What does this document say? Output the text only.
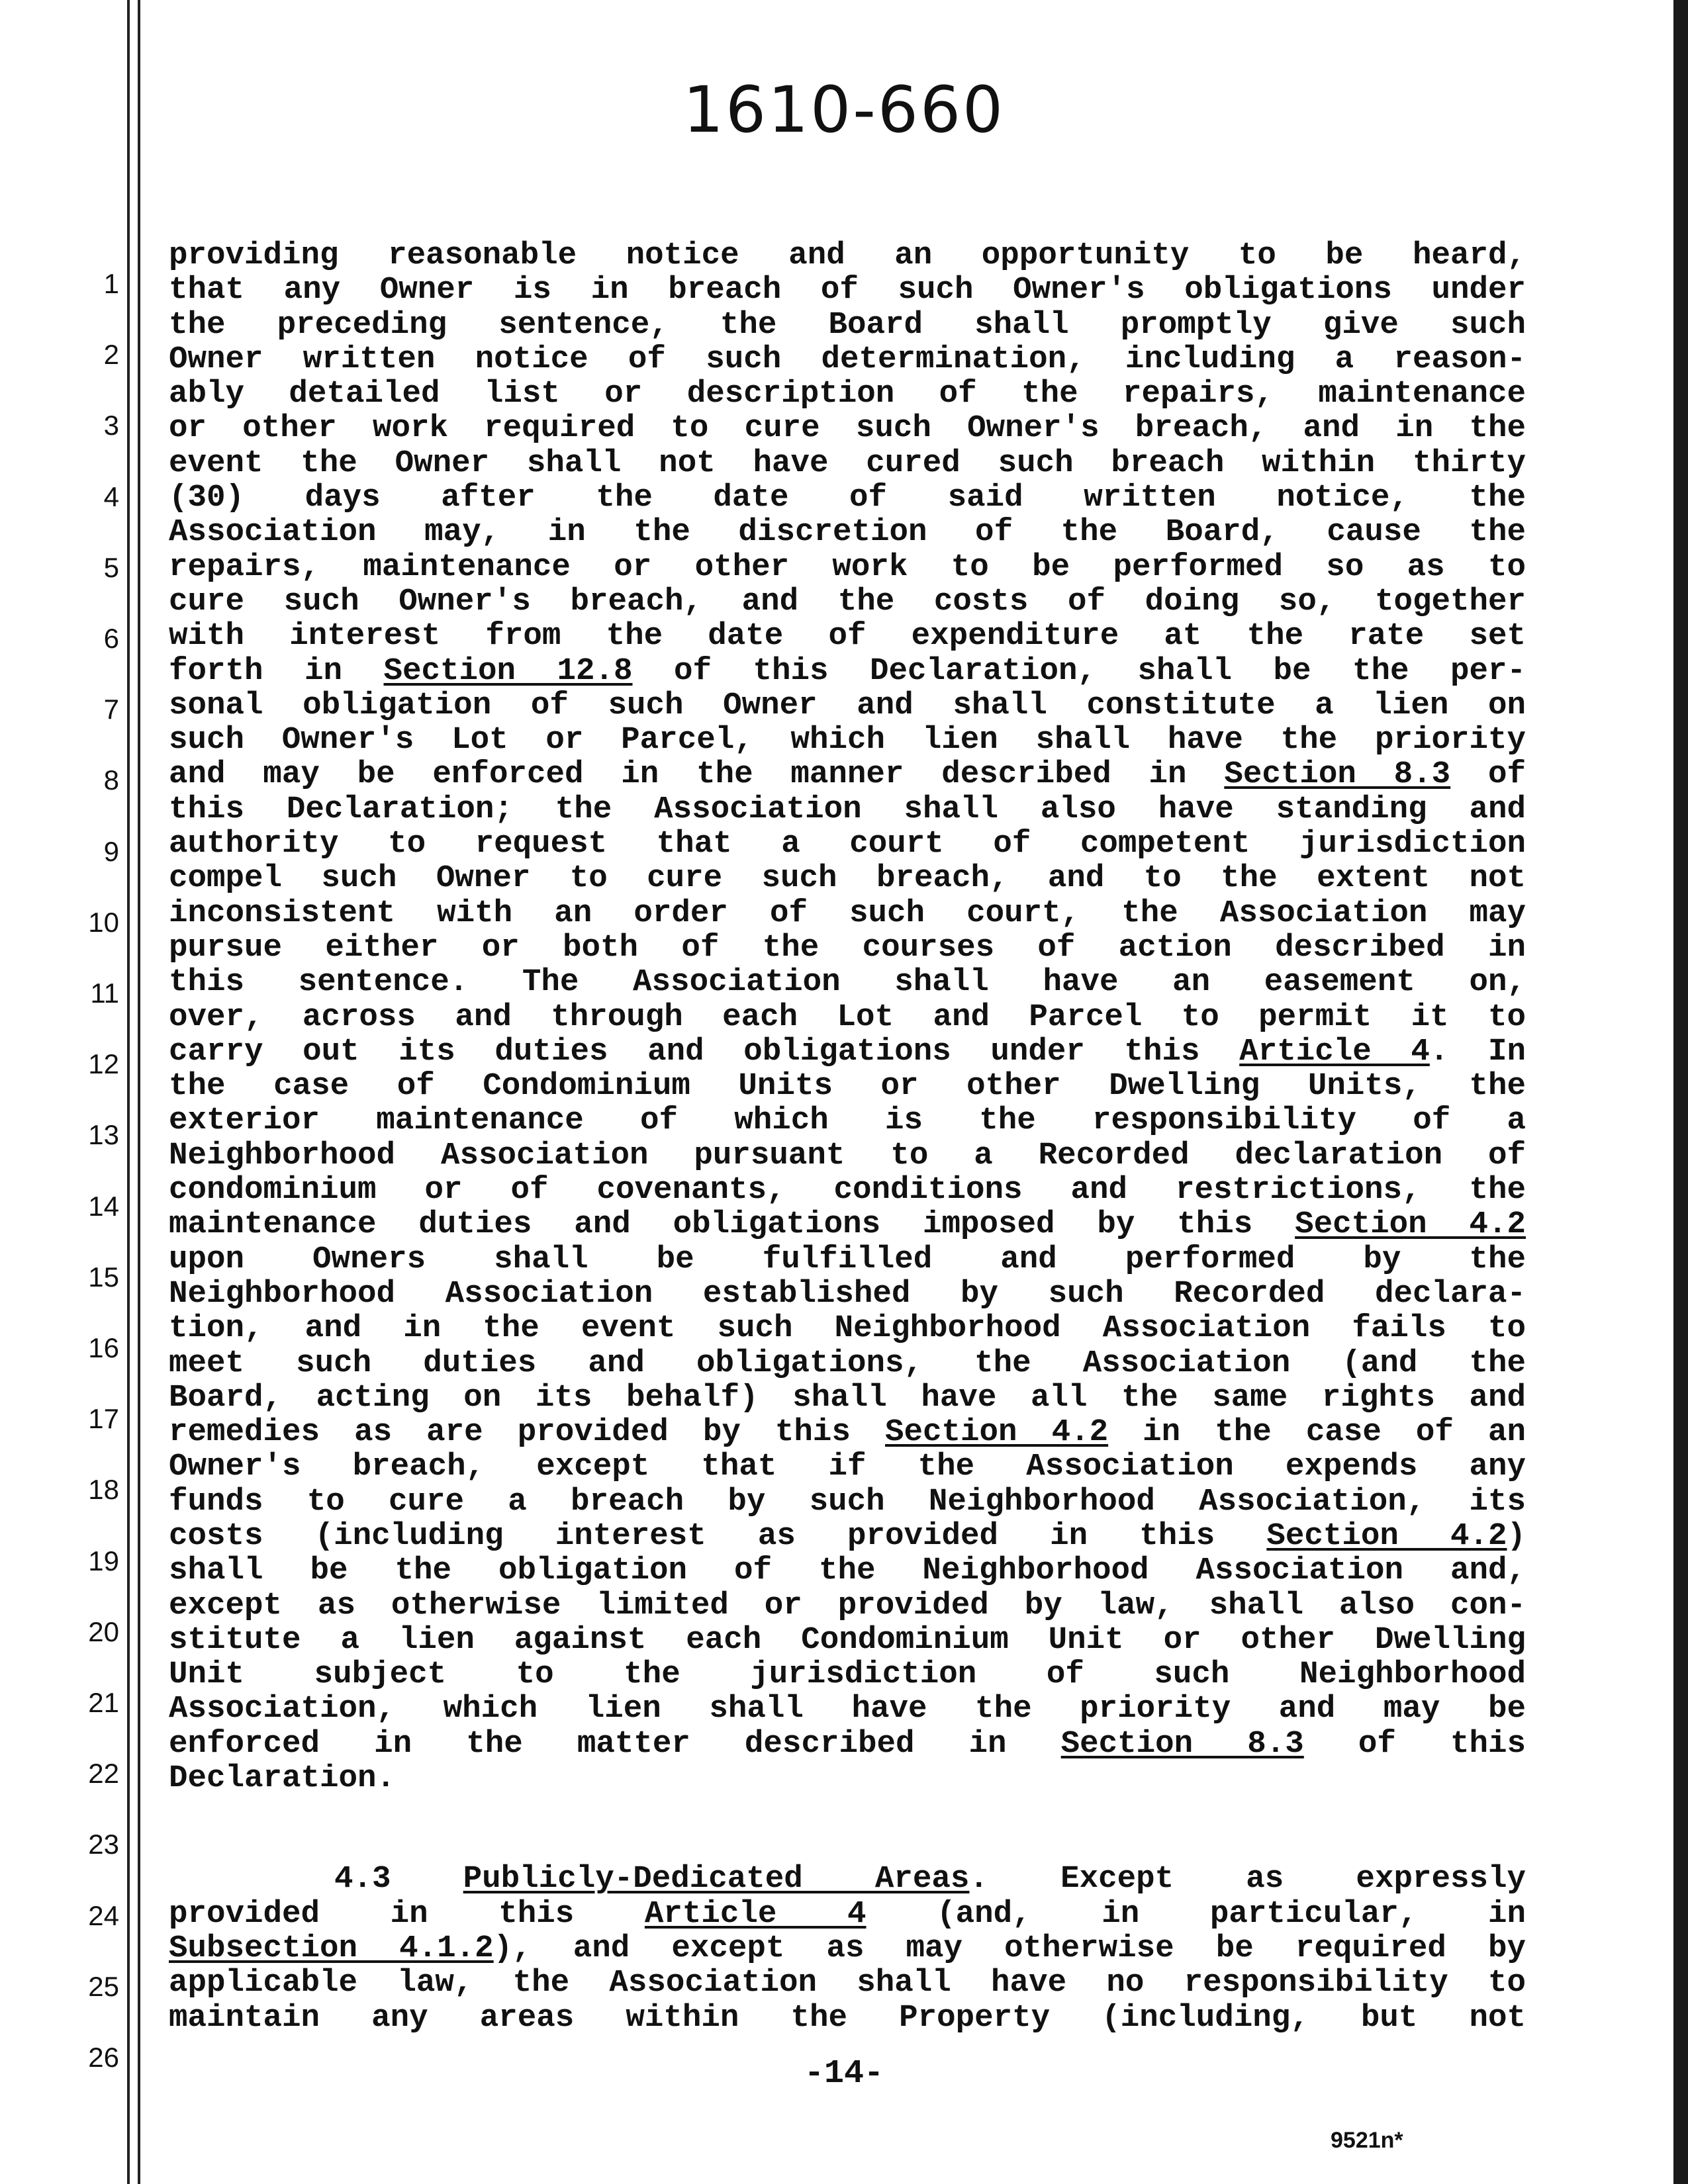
1610-660
1
2
3
4
5
6
7
8
9
10
11
12
13
14
15
16
17
18
19
20
21
22
23
24
25
26
providing reasonable notice and an opportunity to be heard,
that any Owner is in breach of such Owner's obligations under
the preceding sentence, the Board shall promptly give such
Owner written notice of such determination, including a reason-
ably detailed list or description of the repairs, maintenance
or other work required to cure such Owner's breach, and in the
event the Owner shall not have cured such breach within thirty
(30) days after the date of said written notice, the
Association may, in the discretion of the Board, cause the
repairs, maintenance or other work to be performed so as to
cure such Owner's breach, and the costs of doing so, together
with interest from the date of expenditure at the rate set
forth in Section 12.8 of this Declaration, shall be the per-
sonal obligation of such Owner and shall constitute a lien on
such Owner's Lot or Parcel, which lien shall have the priority
and may be enforced in the manner described in Section 8.3 of
this Declaration; the Association shall also have standing and
authority to request that a court of competent jurisdiction
compel such Owner to cure such breach, and to the extent not
inconsistent with an order of such court, the Association may
pursue either or both of the courses of action described in
this sentence. The Association shall have an easement on,
over, across and through each Lot and Parcel to permit it to
carry out its duties and obligations under this Article 4. In
the case of Condominium Units or other Dwelling Units, the
exterior maintenance of which is the responsibility of a
Neighborhood Association pursuant to a Recorded declaration of
condominium or of covenants, conditions and restrictions, the
maintenance duties and obligations imposed by this Section 4.2
upon Owners shall be fulfilled and performed by the
Neighborhood Association established by such Recorded declara-
tion, and in the event such Neighborhood Association fails to
meet such duties and obligations, the Association (and the
Board, acting on its behalf) shall have all the same rights and
remedies as are provided by this Section 4.2 in the case of an
Owner's breach, except that if the Association expends any
funds to cure a breach by such Neighborhood Association, its
costs (including interest as provided in this Section 4.2)
shall be the obligation of the Neighborhood Association and,
except as otherwise limited or provided by law, shall also con-
stitute a lien against each Condominium Unit or other Dwelling
Unit subject to the jurisdiction of such Neighborhood
Association, which lien shall have the priority and may be
enforced in the matter described in Section 8.3 of this
Declaration.
4.3 Publicly-Dedicated Areas. Except as expressly
provided in this Article 4 (and, in particular, in
Subsection 4.1.2), and except as may otherwise be required by
applicable law, the Association shall have no responsibility to
maintain any areas within the Property (including, but not
-14-
9521n*
